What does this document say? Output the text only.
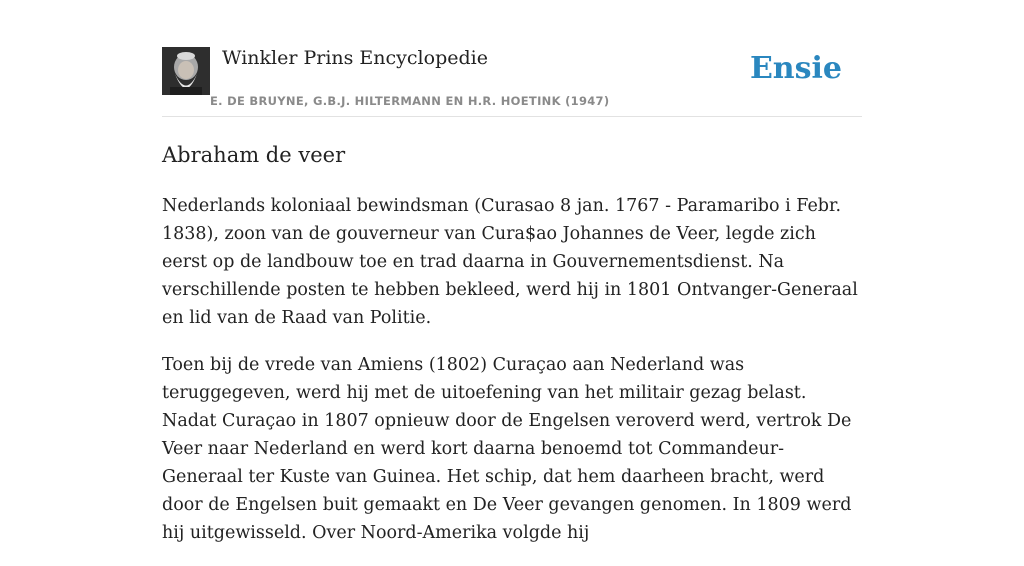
Winkler Prins Encyclopedie
E. DE BRUYNE, G.B.J. HILTERMANN EN H.R. HOETINK (1947)
Ensie
Abraham de veer

Nederlands koloniaal bewindsman (Curasao 8 jan. 1767 - Paramaribo i Febr. 1838), zoon van de gouverneur van Cura$ao Johannes de Veer, legde zich eerst op de landbouw toe en trad daarna in Gouvernementsdienst. Na verschillende posten te hebben bekleed, werd hij in 1801 Ontvanger-Generaal en lid van de Raad van Politie.

Toen bij de vrede van Amiens (1802) Curaçao aan Nederland was teruggegeven, werd hij met de uitoefening van het militair gezag belast. Nadat Curaçao in 1807 opnieuw door de Engelsen veroverd werd, vertrok De Veer naar Nederland en werd kort daarna benoemd tot Commandeur-Generaal ter Kuste van Guinea. Het schip, dat hem daarheen bracht, werd door de Engelsen buit gemaakt en De Veer gevangen genomen. In 1809 werd hij uitgewisseld. Over Noord-Amerika volgde hij
